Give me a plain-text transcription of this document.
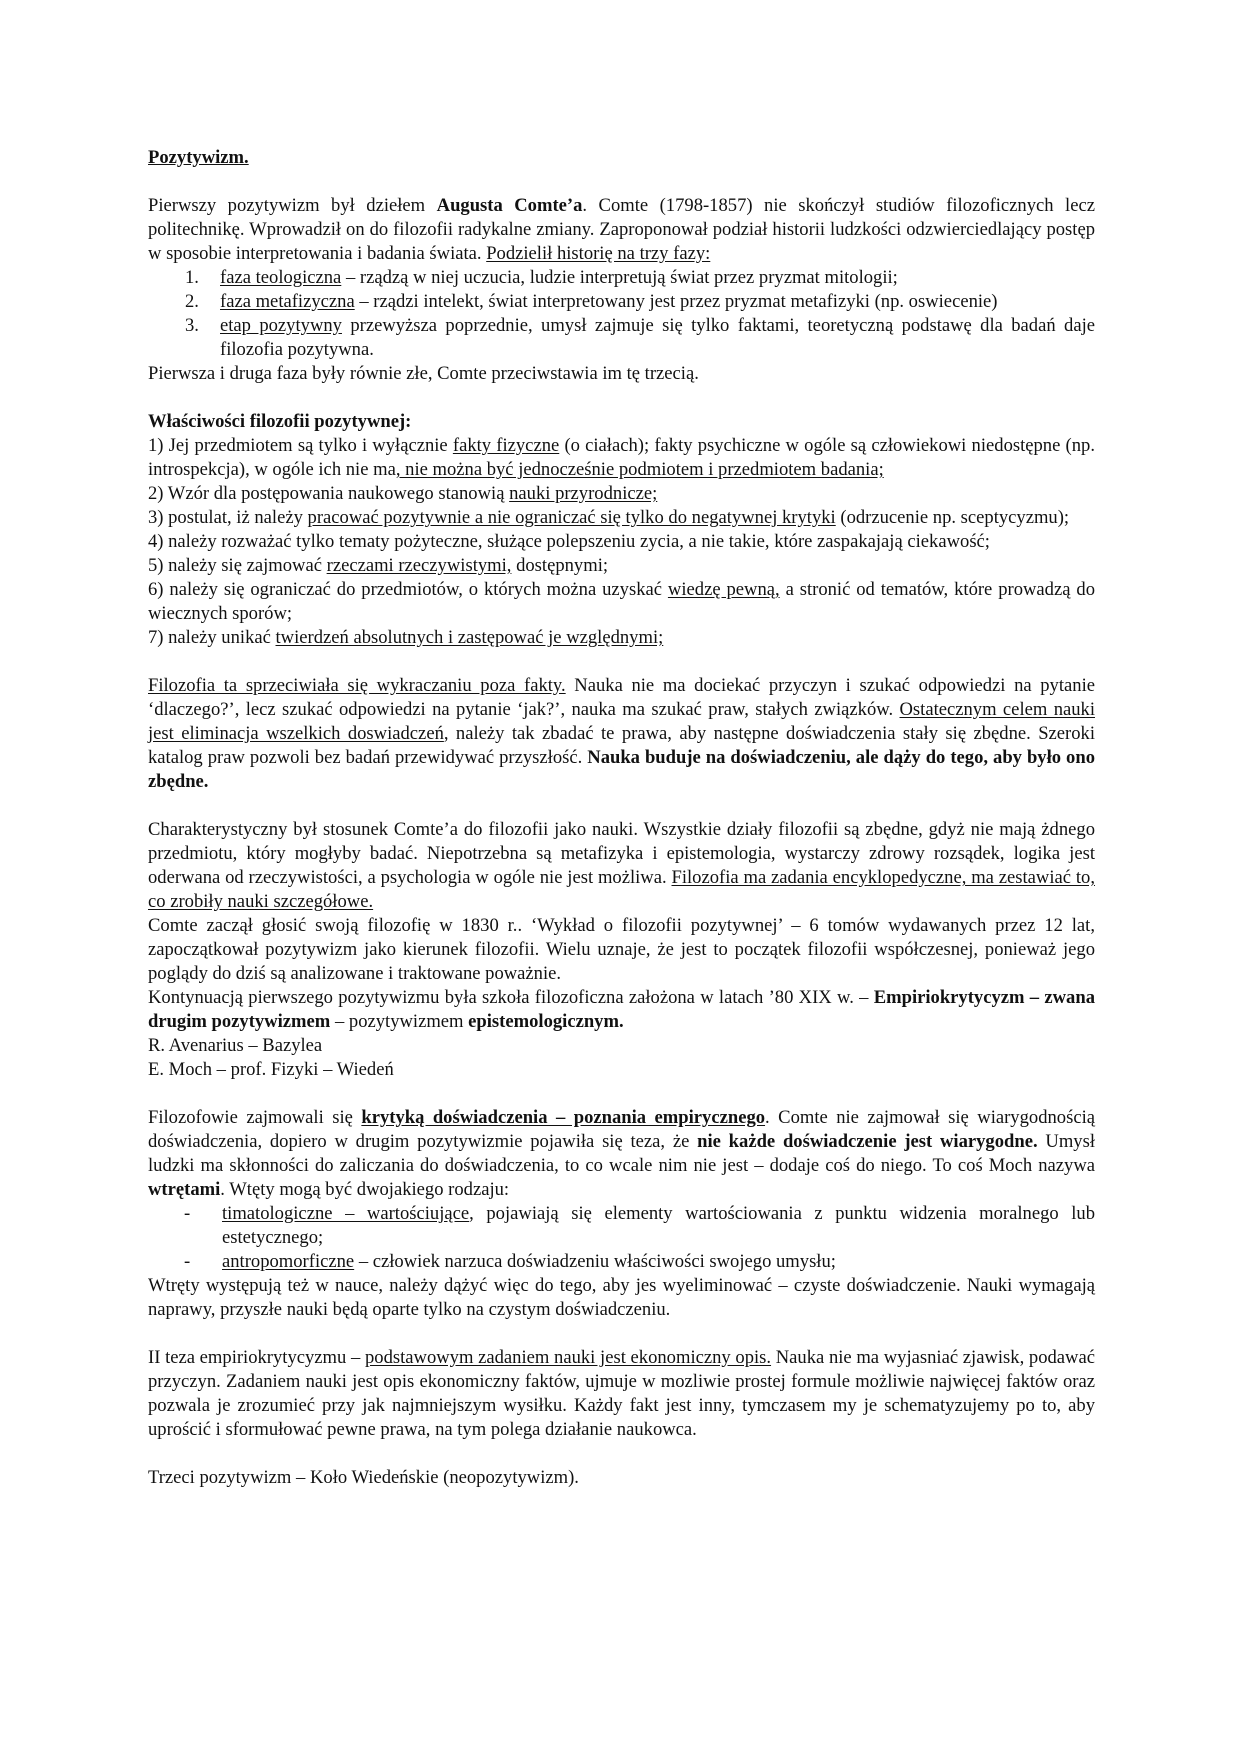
Pozytywizm.

Pierwszy pozytywizm był dziełem Augusta Comte’a. Comte (1798-1857) nie skończył studiów filozoficznych lecz politechnikę. Wprowadził on do filozofii radykalne zmiany. Zaproponował podział historii ludzkości odzwierciedlający postęp w sposobie interpretowania i badania świata. Podzielił historię na trzy fazy:

1.	faza teologiczna – rządzą w niej uczucia, ludzie interpretują świat przez pryzmat mitologii;
2.	faza metafizyczna – rządzi intelekt, świat interpretowany jest przez pryzmat metafizyki (np. oswiecenie)
3.	etap pozytywny przewyższa poprzednie, umysł zajmuje się tylko faktami, teoretyczną podstawę dla badań daje filozofia pozytywna.

Pierwsza i druga faza były równie złe, Comte przeciwstawia im tę trzecią.

Właściwości filozofii pozytywnej:

1) Jej przedmiotem są tylko i wyłącznie fakty fizyczne (o ciałach); fakty psychiczne w ogóle są człowiekowi niedostępne (np. introspekcja), w ogóle ich nie ma, nie można być jednocześnie podmiotem i przedmiotem badania;

2) Wzór dla postępowania naukowego stanowią nauki przyrodnicze;

3) postulat, iż należy pracować pozytywnie a nie ograniczać się tylko do negatywnej krytyki (odrzucenie np. sceptycyzmu);

4) należy rozważać tylko tematy pożyteczne, służące polepszeniu zycia, a nie takie, które zaspakajają ciekawość;

5) należy się zajmować rzeczami rzeczywistymi, dostępnymi;

6) należy się ograniczać do przedmiotów, o których można uzyskać wiedzę pewną, a stronić od tematów, które prowadzą do wiecznych sporów;

7) należy unikać twierdzeń absolutnych i zastępować je względnymi;

Filozofia ta sprzeciwiała się wykraczaniu poza fakty. Nauka nie ma dociekać przyczyn i szukać odpowiedzi na pytanie ‘dlaczego?’, lecz szukać odpowiedzi na pytanie ‘jak?’, nauka ma szukać praw, stałych związków. Ostatecznym celem nauki jest eliminacja wszelkich doswiadczeń, należy tak zbadać te prawa, aby następne doświadczenia stały się zbędne. Szeroki katalog praw pozwoli bez badań przewidywać przyszłość. Nauka buduje na doświadczeniu, ale dąży do tego, aby było ono zbędne.

Charakterystyczny był stosunek Comte’a do filozofii jako nauki. Wszystkie działy filozofii są zbędne, gdyż nie mają żdnego przedmiotu, który mogłyby badać. Niepotrzebna są metafizyka i epistemologia, wystarczy zdrowy rozsądek, logika jest oderwana od rzeczywistości, a psychologia w ogóle nie jest możliwa. Filozofia ma zadania encyklopedyczne, ma zestawiać to, co zrobiły nauki szczegółowe.

Comte zaczął głosić swoją filozofię w 1830 r.. ‘Wykład o filozofii pozytywnej’ – 6 tomów wydawanych przez 12 lat, zapoczątkował pozytywizm jako kierunek filozofii. Wielu uznaje, że jest to początek filozofii współczesnej, ponieważ jego poglądy do dziś są analizowane i traktowane poważnie.

Kontynuacją pierwszego pozytywizmu była szkoła filozoficzna założona w latach ’80 XIX w. – Empiriokrytycyzm – zwana drugim pozytywizmem – pozytywizmem epistemologicznym.

R. Avenarius – Bazylea

E. Moch – prof. Fizyki – Wiedeń

Filozofowie zajmowali się krytyką doświadczenia – poznania empirycznego. Comte nie zajmował się wiarygodnością doświadczenia, dopiero w drugim pozytywizmie pojawiła się teza, że nie każde doświadczenie jest wiarygodne. Umysł ludzki ma skłonności do zaliczania do doświadczenia, to co wcale nim nie jest – dodaje coś do niego. To coś Moch nazywa wtrętami. Wtęty mogą być dwojakiego rodzaju:

-	timatologiczne – wartościujące, pojawiają się elementy wartościowania z punktu widzenia moralnego lub estetycznego;
-	antropomorficzne – człowiek narzuca doświadzeniu właściwości swojego umysłu;

Wtręty występują też w nauce, należy dążyć więc do tego, aby jes wyeliminować – czyste doświadczenie. Nauki wymagają naprawy, przyszłe nauki będą oparte tylko na czystym doświadczeniu.

II teza empiriokrytycyzmu – podstawowym zadaniem nauki jest ekonomiczny opis. Nauka nie ma wyjasniać zjawisk, podawać przyczyn. Zadaniem nauki jest opis ekonomiczny faktów, ujmuje w mozliwie prostej formule możliwie najwięcej faktów oraz pozwala je zrozumieć przy jak najmniejszym wysiłku. Każdy fakt jest inny, tymczasem my je schematyzujemy po to, aby uprościć i sformułować pewne prawa, na tym polega działanie naukowca.

Trzeci pozytywizm – Koło Wiedeńskie (neopozytywizm).
